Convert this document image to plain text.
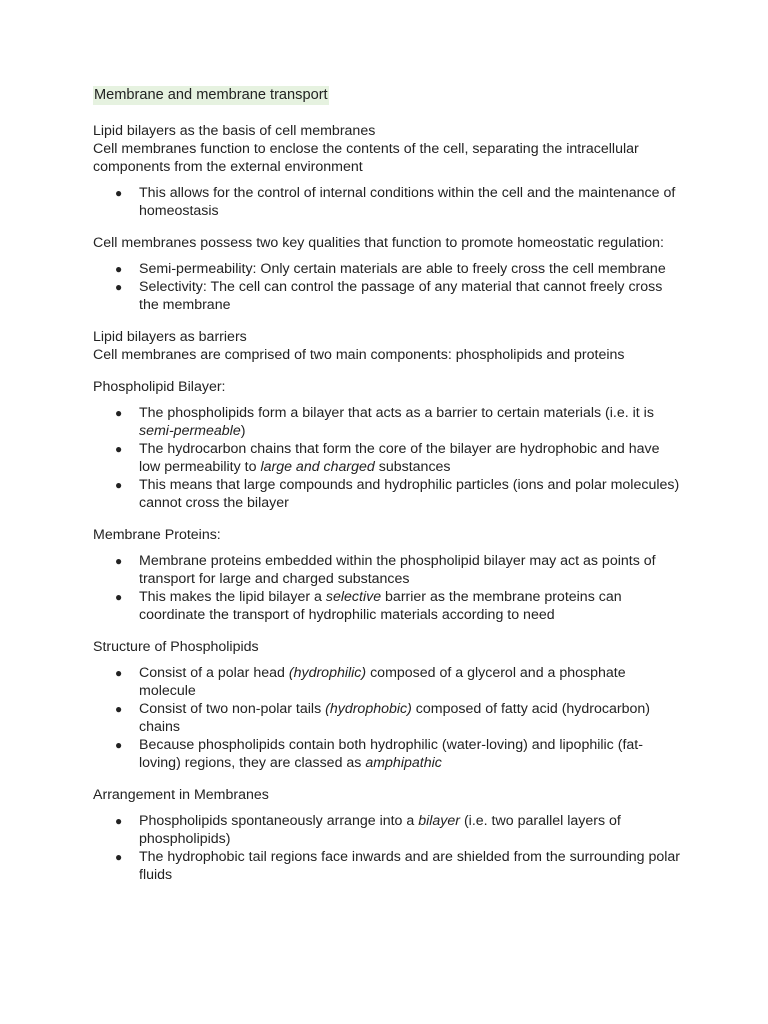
Membrane and membrane transport

Lipid bilayers as the basis of cell membranes

Cell membranes function to enclose the contents of the cell, separating the intracellular components from the external environment

● This allows for the control of internal conditions within the cell and the maintenance of homeostasis

Cell membranes possess two key qualities that function to promote homeostatic regulation:

● Semi-permeability: Only certain materials are able to freely cross the cell membrane
● Selectivity: The cell can control the passage of any material that cannot freely cross the membrane

Lipid bilayers as barriers

Cell membranes are comprised of two main components: phospholipids and proteins

Phospholipid Bilayer:

● The phospholipids form a bilayer that acts as a barrier to certain materials (i.e. it is semi-permeable)
● The hydrocarbon chains that form the core of the bilayer are hydrophobic and have low permeability to large and charged substances
● This means that large compounds and hydrophilic particles (ions and polar molecules) cannot cross the bilayer

Membrane Proteins:

● Membrane proteins embedded within the phospholipid bilayer may act as points of transport for large and charged substances
● This makes the lipid bilayer a selective barrier as the membrane proteins can coordinate the transport of hydrophilic materials according to need

Structure of Phospholipids

● Consist of a polar head (hydrophilic) composed of a glycerol and a phosphate molecule
● Consist of two non-polar tails (hydrophobic) composed of fatty acid (hydrocarbon) chains
● Because phospholipids contain both hydrophilic (water-loving) and lipophilic (fat-loving) regions, they are classed as amphipathic

Arrangement in Membranes

● Phospholipids spontaneously arrange into a bilayer (i.e. two parallel layers of phospholipids)
● The hydrophobic tail regions face inwards and are shielded from the surrounding polar fluids
